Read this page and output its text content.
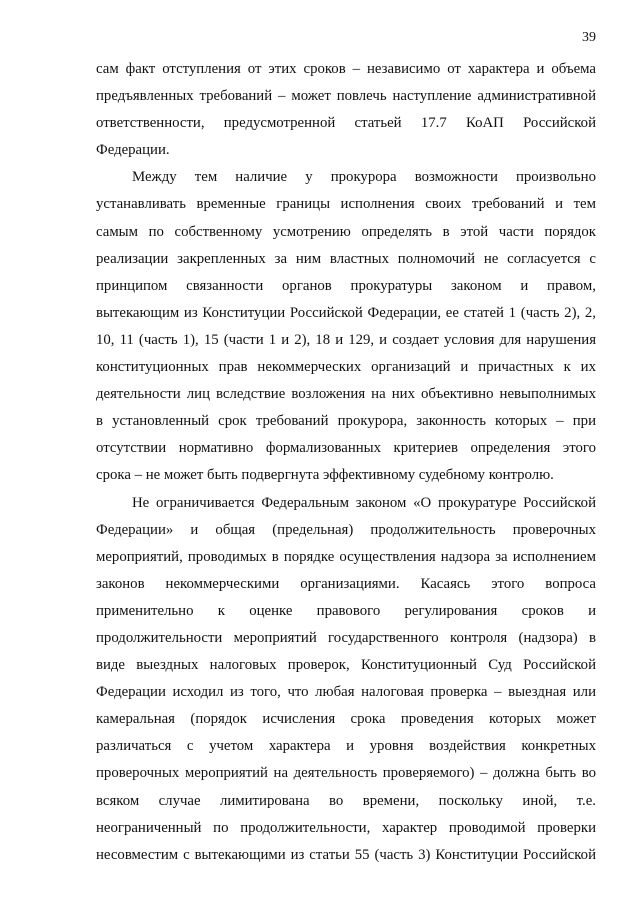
39
сам факт отступления от этих сроков – независимо от характера и объема
предъявленных требований – может повлечь наступление административной
ответственности, предусмотренной статьей 17.7 КоАП Российской
Федерации.
Между тем наличие у прокурора возможности произвольно
устанавливать временные границы исполнения своих требований и тем
самым по собственному усмотрению определять в этой части порядок
реализации закрепленных за ним властных полномочий не согласуется с
принципом связанности органов прокуратуры законом и правом,
вытекающим из Конституции Российской Федерации, ее статей 1 (часть 2), 2,
10, 11 (часть 1), 15 (части 1 и 2), 18 и 129, и создает условия для нарушения
конституционных прав некоммерческих организаций и причастных к их
деятельности лиц вследствие возложения на них объективно невыполнимых
в установленный срок требований прокурора, законность которых – при
отсутствии нормативно формализованных критериев определения этого
срока – не может быть подвергнута эффективному судебному контролю.
Не ограничивается Федеральным законом «О прокуратуре Российской
Федерации» и общая (предельная) продолжительность проверочных
мероприятий, проводимых в порядке осуществления надзора за исполнением
законов некоммерческими организациями. Касаясь этого вопроса
применительно к оценке правового регулирования сроков и
продолжительности мероприятий государственного контроля (надзора) в
виде выездных налоговых проверок, Конституционный Суд Российской
Федерации исходил из того, что любая налоговая проверка – выездная или
камеральная (порядок исчисления срока проведения которых может
различаться с учетом характера и уровня воздействия конкретных
проверочных мероприятий на деятельность проверяемого) – должна быть во
всяком случае лимитирована во времени, поскольку иной, т.е.
неограниченный по продолжительности, характер проводимой проверки
несовместим с вытекающими из статьи 55 (часть 3) Конституции Российской
